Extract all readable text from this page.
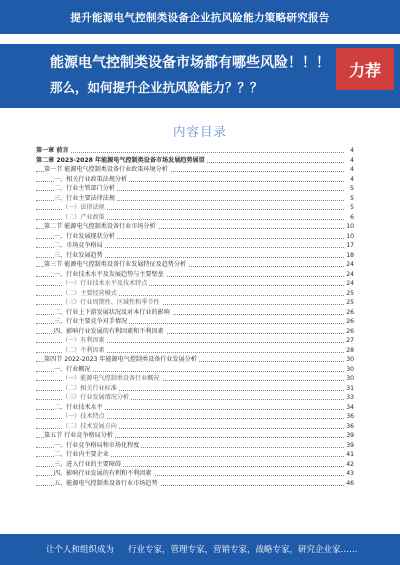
提升能源电气控制类设备企业抗风险能力策略研究报告
能源电气控制类设备市场都有哪些风险！！！
那么，如何提升企业抗风险能力？？？
力荐
内容目录
第一章 前言	4
第二章 2023-2028 年能源电气控制类设备市场发展趋势展望	4
第一节 能源电气控制类设备行业政策环境分析	4
一、相关行业政策法规分析	4
二、行业主管部门分析	5
三、行业主要法律法规	5
（一）法律法规	5
（二）产业政策	6
第二节 能源电气控制类设备行业市场分析	10
一、行业发展现状分析	10
二、市场竞争格局	17
三、行业发展趋势	18
第三节 能源电气控制类设备行业发展特征及趋势分析	24
一、行业技术水平及发展趋势与主要壁垒	24
（一）行业技术水平及技术特点	24
（二）主要经营模式	25
（三）行业周期性、区域性和季节性	25
二、行业上下游发展状况及对本行业的影响	26
三、行业主要竞争对手情况	26
四、影响行业发展的有利因素和不利因素	26
（一）有利因素	27
（二）不利因素	28
第四节 2022-2023 年能源电气控制类设备行业发展分析	30
一、行业概况	30
（一）能源电气控制类设备行业概况	30
（二）相关行业标准	31
（三）行业发展情况分析	33
二、行业技术水平	34
（一）技术特点	36
（二）技术发展方向	36
第五节 行业竞争格局分析	39
一、行业竞争格局和市场化程度	39
二、行业内主要企业	41
三、进入行业的主要障碍	42
四、影响行业发展的有利和不利因素	43
五、能源电气控制类设备行业市场趋势	46
让个人和组织成为 行业专家，管理专家，营销专家，战略专家，研究企业家……
